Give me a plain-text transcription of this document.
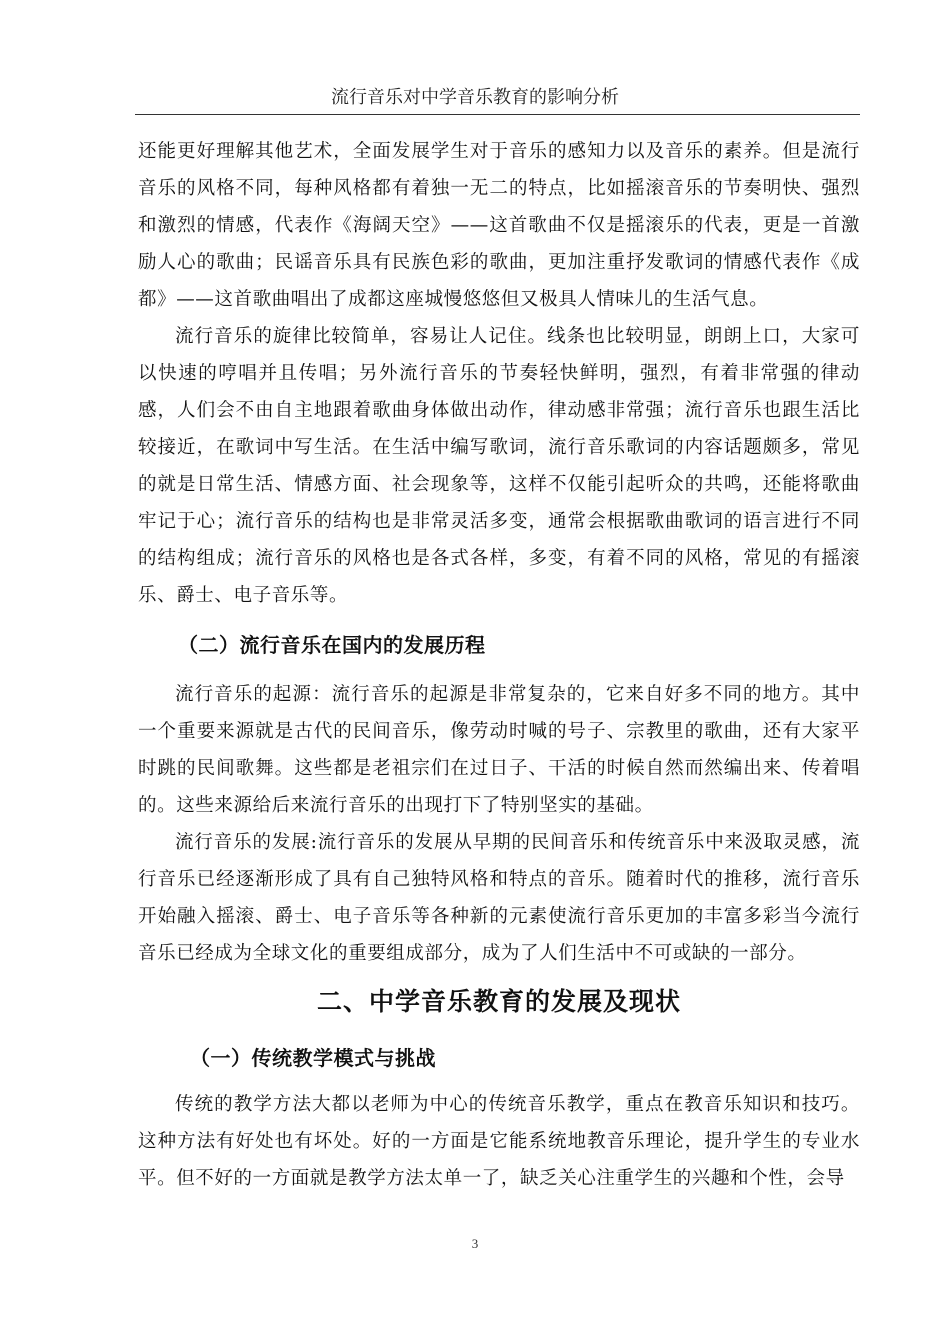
流行音乐对中学音乐教育的影响分析

还能更好理解其他艺术，全面发展学生对于音乐的感知力以及音乐的素养。但是流行音乐的风格不同，每种风格都有着独一无二的特点，比如摇滚音乐的节奏明快、强烈和激烈的情感，代表作《海阔天空》——这首歌曲不仅是摇滚乐的代表，更是一首激励人心的歌曲；民谣音乐具有民族色彩的歌曲，更加注重抒发歌词的情感代表作《成都》——这首歌曲唱出了成都这座城慢悠悠但又极具人情味儿的生活气息。

流行音乐的旋律比较简单，容易让人记住。线条也比较明显，朗朗上口，大家可以快速的哼唱并且传唱；另外流行音乐的节奏轻快鲜明，强烈，有着非常强的律动感，人们会不由自主地跟着歌曲身体做出动作，律动感非常强；流行音乐也跟生活比较接近，在歌词中写生活。在生活中编写歌词，流行音乐歌词的内容话题颇多，常见的就是日常生活、情感方面、社会现象等，这样不仅能引起听众的共鸣，还能将歌曲牢记于心；流行音乐的结构也是非常灵活多变，通常会根据歌曲歌词的语言进行不同的结构组成；流行音乐的风格也是各式各样，多变，有着不同的风格，常见的有摇滚乐、爵士、电子音乐等。

（二）流行音乐在国内的发展历程

流行音乐的起源：流行音乐的起源是非常复杂的，它来自好多不同的地方。其中一个重要来源就是古代的民间音乐，像劳动时喊的号子、宗教里的歌曲，还有大家平时跳的民间歌舞。这些都是老祖宗们在过日子、干活的时候自然而然编出来、传着唱的。这些来源给后来流行音乐的出现打下了特别坚实的基础。

流行音乐的发展:流行音乐的发展从早期的民间音乐和传统音乐中来汲取灵感，流行音乐已经逐渐形成了具有自己独特风格和特点的音乐。随着时代的推移，流行音乐开始融入摇滚、爵士、电子音乐等各种新的元素使流行音乐更加的丰富多彩当今流行音乐已经成为全球文化的重要组成部分，成为了人们生活中不可或缺的一部分。

二、中学音乐教育的发展及现状
（一）传统教学模式与挑战

传统的教学方法大都以老师为中心的传统音乐教学，重点在教音乐知识和技巧。这种方法有好处也有坏处。好的一方面是它能系统地教音乐理论，提升学生的专业水平。但不好的一方面就是教学方法太单一了，缺乏关心注重学生的兴趣和个性，会导

3
